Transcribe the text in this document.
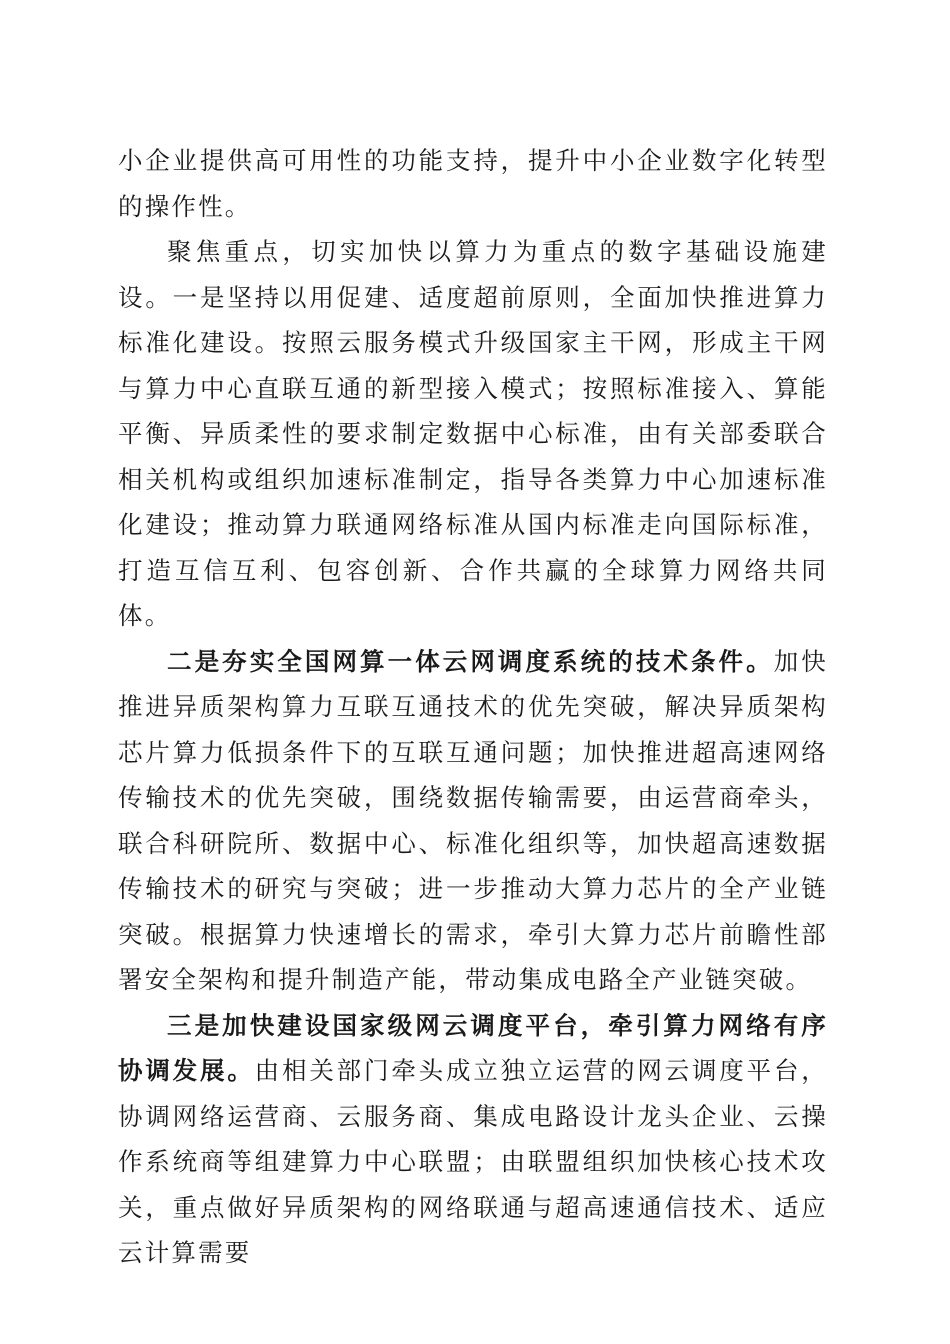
小企业提供高可用性的功能支持，提升中小企业数字化转型的操作性。

聚焦重点，切实加快以算力为重点的数字基础设施建设。一是坚持以用促建、适度超前原则，全面加快推进算力标准化建设。按照云服务模式升级国家主干网，形成主干网与算力中心直联互通的新型接入模式；按照标准接入、算能平衡、异质柔性的要求制定数据中心标准，由有关部委联合相关机构或组织加速标准制定，指导各类算力中心加速标准化建设；推动算力联通网络标准从国内标准走向国际标准，打造互信互利、包容创新、合作共赢的全球算力网络共同体。

二是夯实全国网算一体云网调度系统的技术条件。加快推进异质架构算力互联互通技术的优先突破，解决异质架构芯片算力低损条件下的互联互通问题；加快推进超高速网络传输技术的优先突破，围绕数据传输需要，由运营商牵头，联合科研院所、数据中心、标准化组织等，加快超高速数据传输技术的研究与突破；进一步推动大算力芯片的全产业链突破。根据算力快速增长的需求，牵引大算力芯片前瞻性部署安全架构和提升制造产能，带动集成电路全产业链突破。

三是加快建设国家级网云调度平台，牵引算力网络有序协调发展。由相关部门牵头成立独立运营的网云调度平台，协调网络运营商、云服务商、集成电路设计龙头企业、云操作系统商等组建算力中心联盟；由联盟组织加快核心技术攻关，重点做好异质架构的网络联通与超高速通信技术、适应云计算需要
